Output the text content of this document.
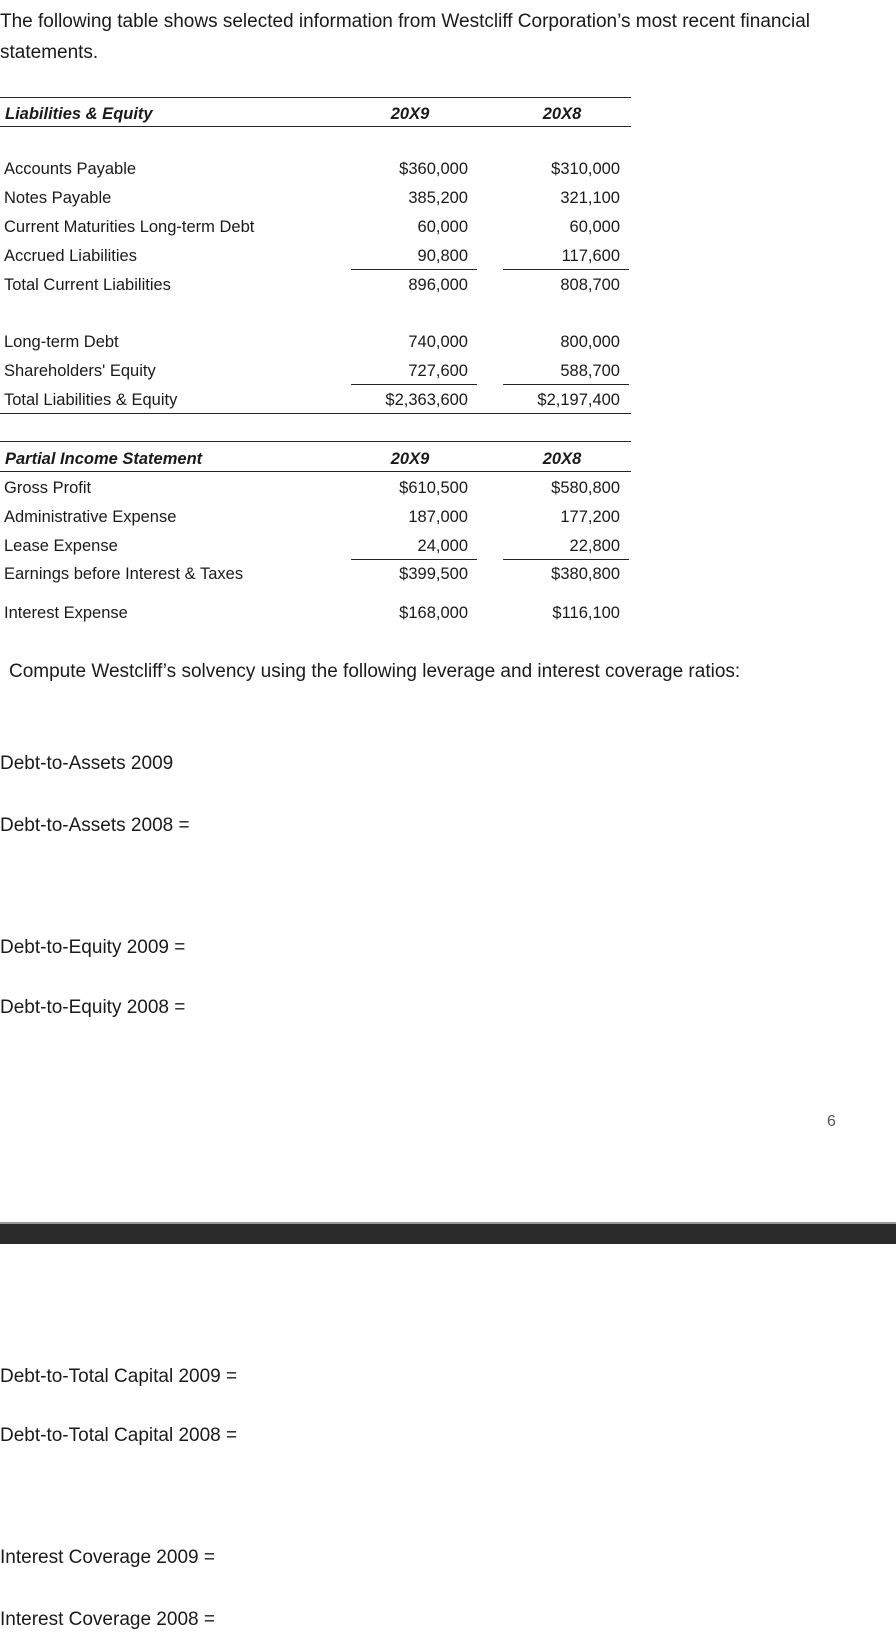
The following table shows selected information from Westcliff Corporation’s most recent financial statements.
Liabilities & Equity	20X9	20X8
Accounts Payable	$360,000	$310,000
Notes Payable	385,200	321,100
Current Maturities Long-term Debt	60,000	60,000
Accrued Liabilities	90,800	117,600
Total Current Liabilities	896,000	808,700
Long-term Debt	740,000	800,000
Shareholders' Equity	727,600	588,700
Total Liabilities & Equity	$2,363,600	$2,197,400
Partial Income Statement	20X9	20X8
Gross Profit	$610,500	$580,800
Administrative Expense	187,000	177,200
Lease Expense	24,000	22,800
Earnings before Interest & Taxes	$399,500	$380,800
Interest Expense	$168,000	$116,100
Compute Westcliff’s solvency using the following leverage and interest coverage ratios:
Debt-to-Assets 2009
Debt-to-Assets 2008 =
Debt-to-Equity 2009 =
Debt-to-Equity 2008 =
6
Debt-to-Total Capital 2009 =
Debt-to-Total Capital 2008 =
Interest Coverage 2009 =
Interest Coverage 2008 =
